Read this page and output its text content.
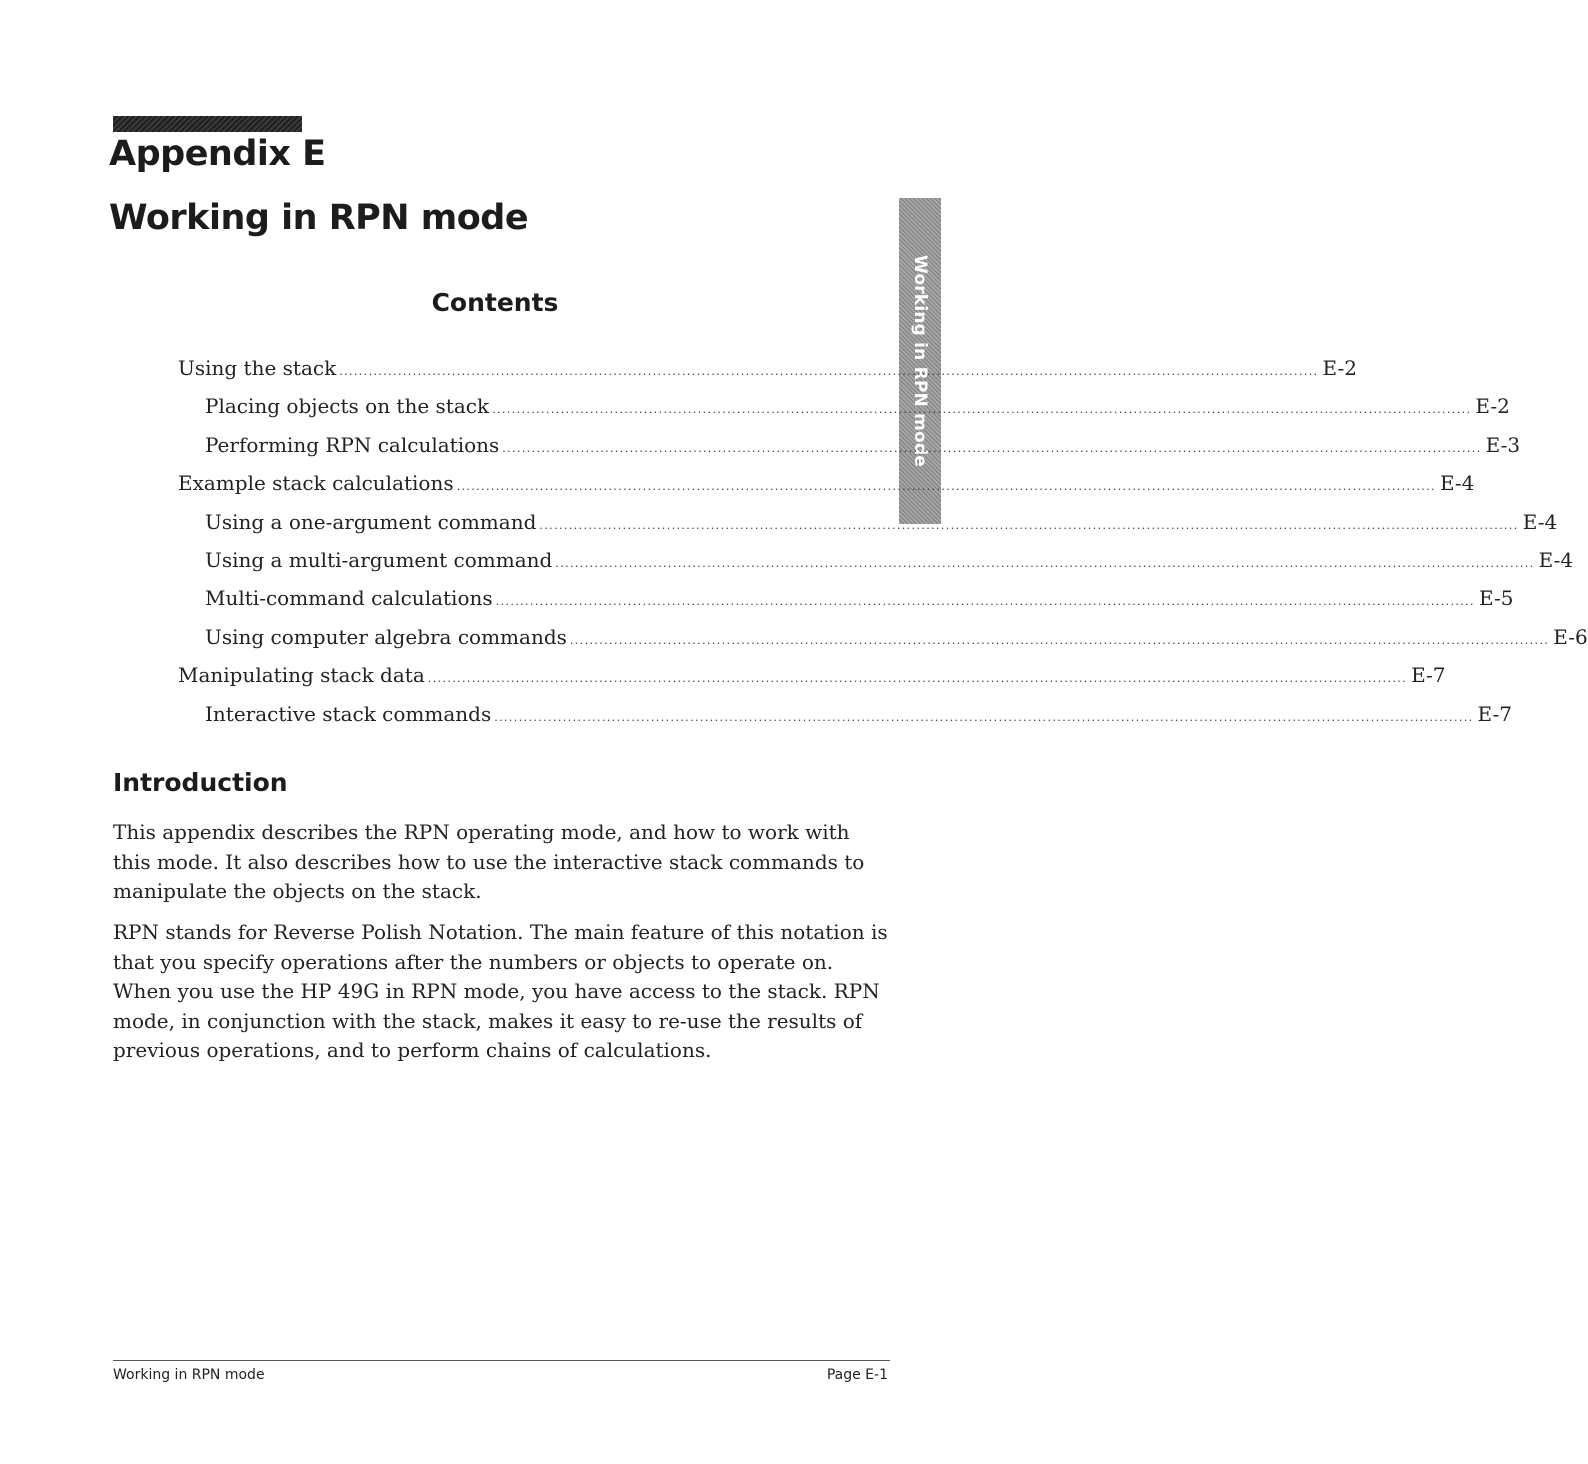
Appendix E
Working in RPN mode
Working in RPN mode
Contents
Using the stack ........................................................................................................................................................................................................ E-2
Placing objects on the stack ........................................................................................................................................................................................................ E-2
Performing RPN calculations ........................................................................................................................................................................................................ E-3
Example stack calculations ........................................................................................................................................................................................................ E-4
Using a one-argument command ........................................................................................................................................................................................................ E-4
Using a multi-argument command ........................................................................................................................................................................................................ E-4
Multi-command calculations ........................................................................................................................................................................................................ E-5
Using computer algebra commands ........................................................................................................................................................................................................ E-6
Manipulating stack data ........................................................................................................................................................................................................ E-7
Interactive stack commands ........................................................................................................................................................................................................ E-7
Introduction

This appendix describes the RPN operating mode, and how to work with this mode. It also describes how to use the interactive stack commands to manipulate the objects on the stack.

RPN stands for Reverse Polish Notation. The main feature of this notation is that you specify operations after the numbers or objects to operate on. When you use the HP 49G in RPN mode, you have access to the stack. RPN mode, in conjunction with the stack, makes it easy to re-use the results of previous operations, and to perform chains of calculations.

Working in RPN mode	Page E-1
